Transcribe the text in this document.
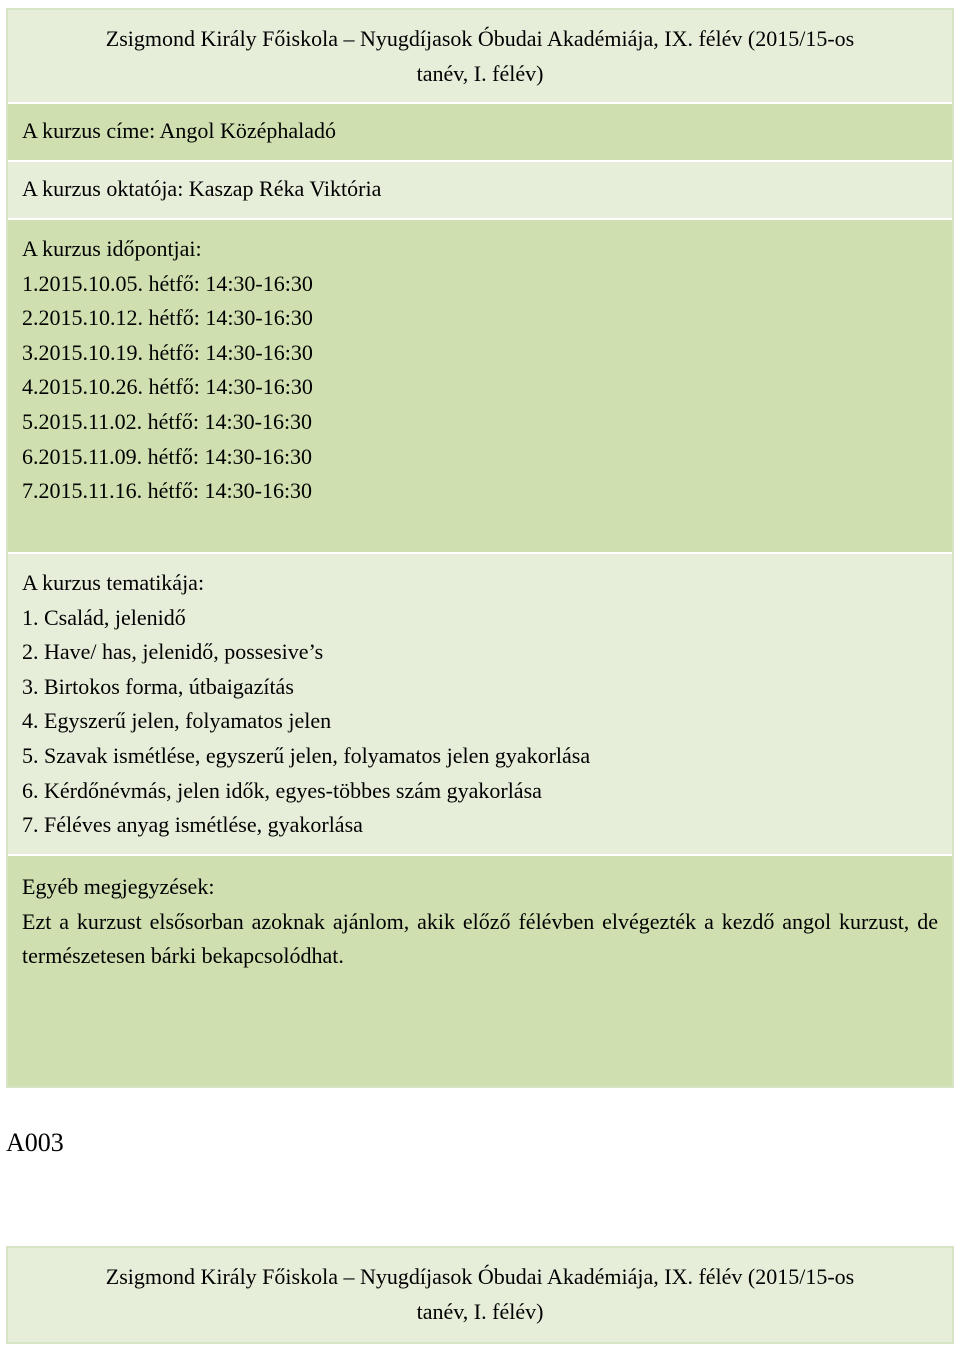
Zsigmond Király Főiskola – Nyugdíjasok Óbudai Akadémiája, IX. félév (2015/15-os
tanév, I. félév)
A kurzus címe: Angol Középhaladó
A kurzus oktatója: Kaszap Réka Viktória
A kurzus időpontjai:
1.2015.10.05. hétfő: 14:30-16:30
2.2015.10.12. hétfő: 14:30-16:30
3.2015.10.19. hétfő: 14:30-16:30
4.2015.10.26. hétfő: 14:30-16:30
5.2015.11.02. hétfő: 14:30-16:30
6.2015.11.09. hétfő: 14:30-16:30
7.2015.11.16. hétfő: 14:30-16:30
A kurzus tematikája:
1. Család, jelenidő
2. Have/ has, jelenidő, possesive’s
3. Birtokos forma, útbaigazítás
4. Egyszerű jelen, folyamatos jelen
5. Szavak ismétlése, egyszerű jelen, folyamatos jelen gyakorlása
6. Kérdőnévmás, jelen idők, egyes-többes szám gyakorlása
7. Féléves anyag ismétlése, gyakorlása
Egyéb megjegyzések:
Ezt a kurzust elsősorban azoknak ajánlom, akik előző félévben elvégezték a kezdő angol kurzust, de természetesen bárki bekapcsolódhat.
A003
Zsigmond Király Főiskola – Nyugdíjasok Óbudai Akadémiája, IX. félév (2015/15-os
tanév, I. félév)
